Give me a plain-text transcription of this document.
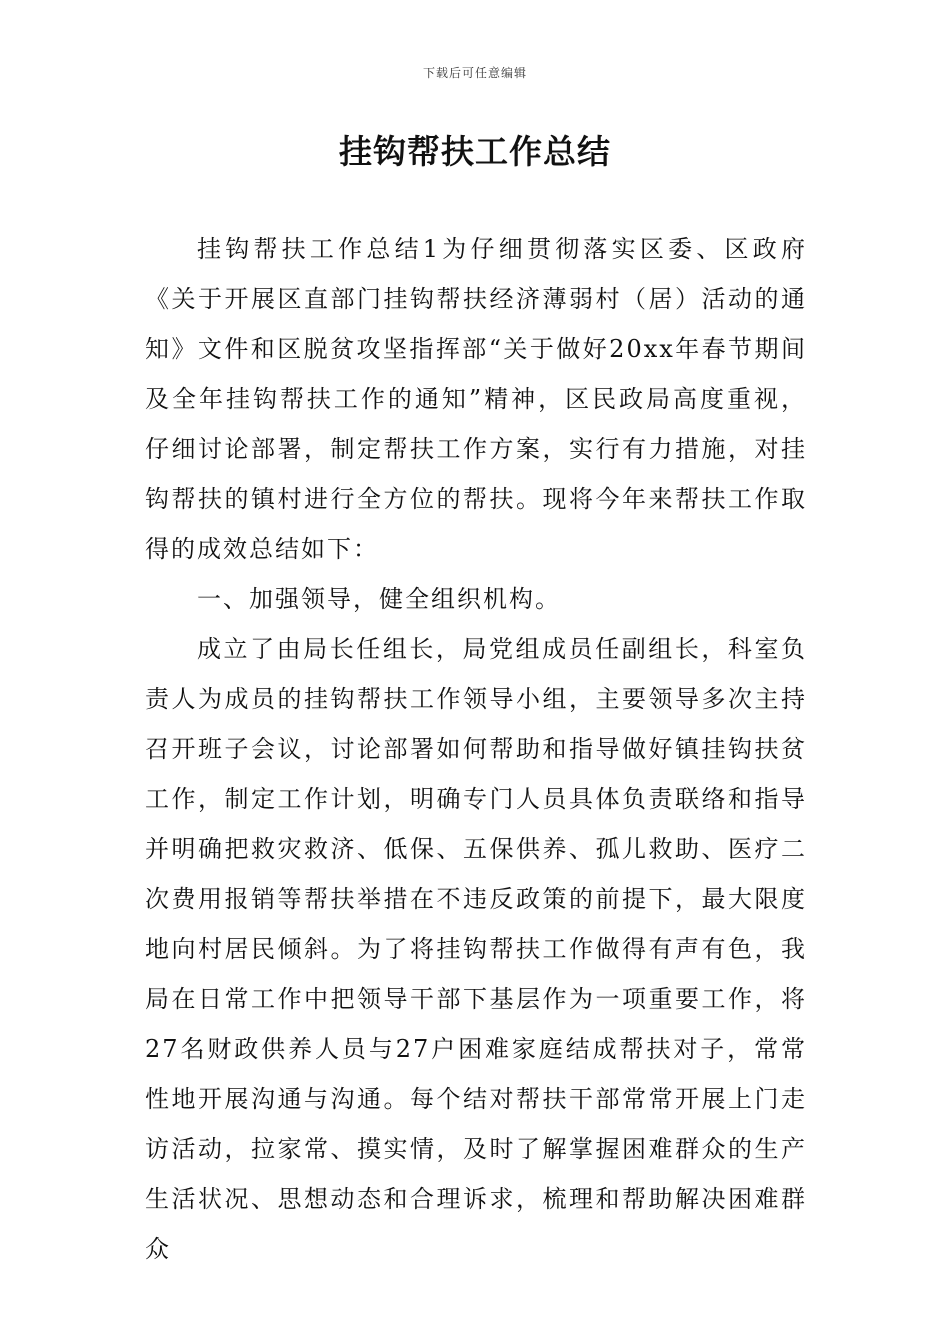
下载后可任意编辑
挂钩帮扶工作总结

挂钩帮扶工作总结1为仔细贯彻落实区委、区政府《关于开展区直部门挂钩帮扶经济薄弱村（居）活动的通知》文件和区脱贫攻坚指挥部“关于做好20xx年春节期间及全年挂钩帮扶工作的通知”精神，区民政局高度重视，仔细讨论部署，制定帮扶工作方案，实行有力措施，对挂钩帮扶的镇村进行全方位的帮扶。现将今年来帮扶工作取得的成效总结如下：

一、加强领导，健全组织机构。

成立了由局长任组长，局党组成员任副组长，科室负责人为成员的挂钩帮扶工作领导小组，主要领导多次主持召开班子会议，讨论部署如何帮助和指导做好镇挂钩扶贫工作，制定工作计划，明确专门人员具体负责联络和指导并明确把救灾救济、低保、五保供养、孤儿救助、医疗二次费用报销等帮扶举措在不违反政策的前提下，最大限度地向村居民倾斜。为了将挂钩帮扶工作做得有声有色，我局在日常工作中把领导干部下基层作为一项重要工作，将27名财政供养人员与27户困难家庭结成帮扶对子，常常性地开展沟通与沟通。每个结对帮扶干部常常开展上门走访活动，拉家常、摸实情，及时了解掌握困难群众的生产生活状况、思想动态和合理诉求，梳理和帮助解决困难群众
